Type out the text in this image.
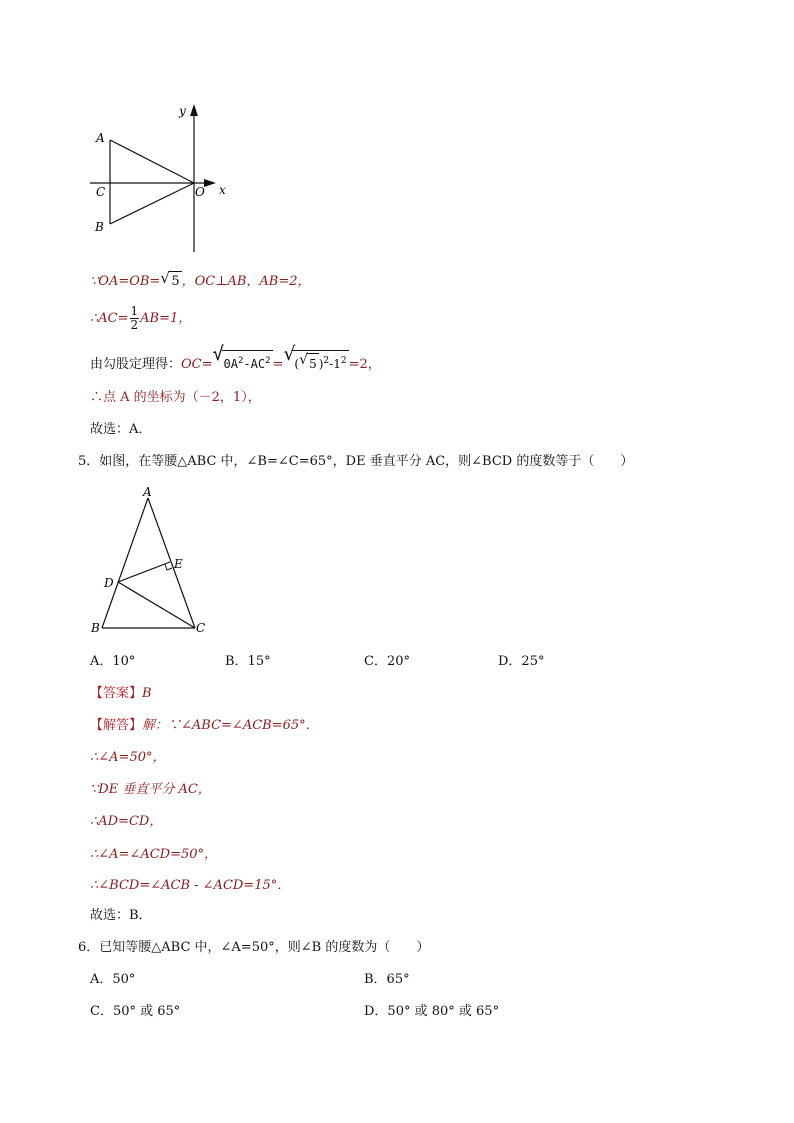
y
x
A
B
C	O
∵OA=OB= √ 5 ，OC⊥AB，AB=2，
∴AC= $\frac{1}{2} AB=1$，
由勾股定理得：OC= √ $0A^2-AC^2$ = √
( √ 5 )$^2-1^2 =2$，
∴点 A 的坐标为（－2，1），
故选：A．
5．如图，在等腰△ABC 中，∠B=∠C=65°，DE 垂直平分 AC，则∠BCD 的度数等于（　　）
A
E
D
B	C
A．10°	B．15°	C．20°	D．25°
【答案】B
【解答】解：∵∠ABC=∠ACB=65°．
∴∠A=50°，
∵DE 垂直平分 AC，
∴AD=CD，
∴∠A=∠ACD=50°，
∴∠BCD=∠ACB - ∠ACD=15°．
故选：B．
6．已知等腰△ABC 中，∠A=50°，则∠B 的度数为（　　）
A．50°	B．65°
C．50° 或 65°	D．50° 或 80° 或 65°
